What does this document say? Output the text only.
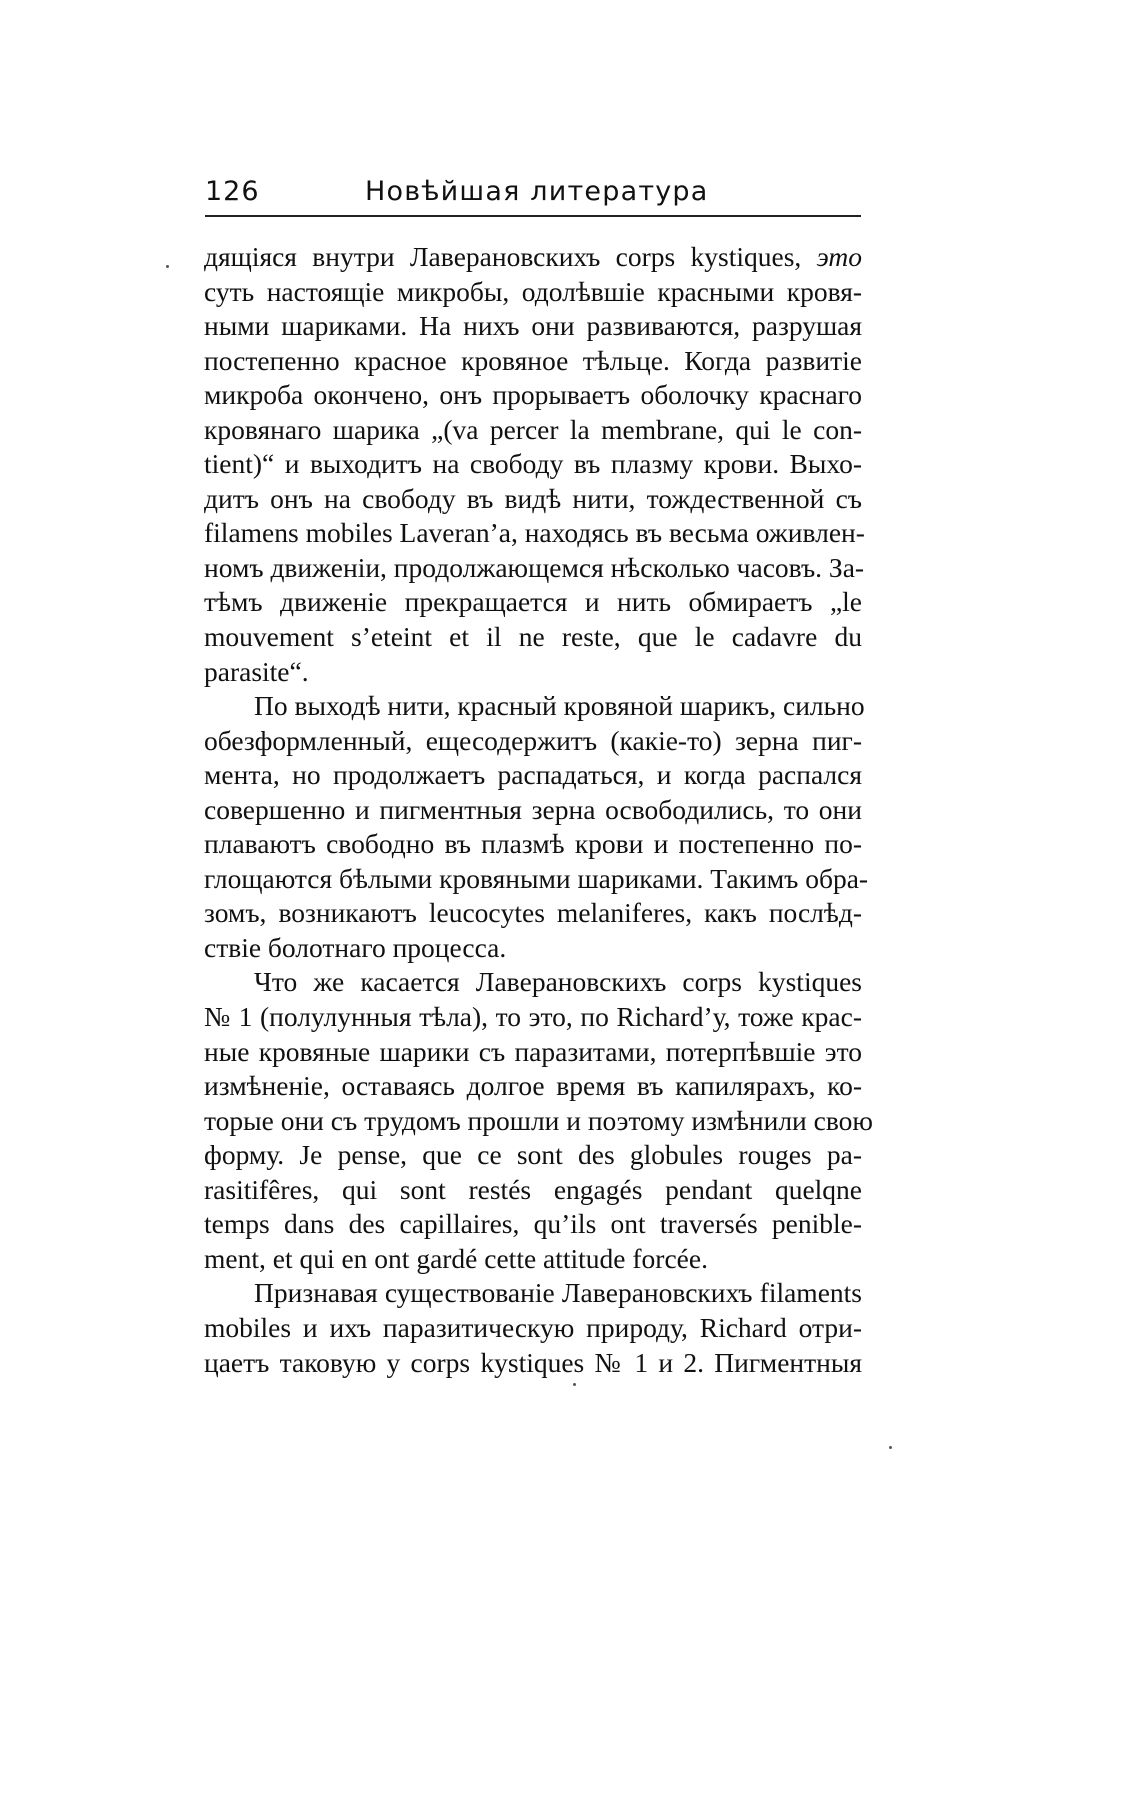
126	Новѣйшая литература
дящіяся внутри Лавeрановскихъ corps kystiques, это
суть настоящіе микробы, одолѣвшіе красными кровя-
ными шариками. На нихъ они развиваются, разрушая
постепенно красное кровяное тѣльце. Когда развитіе
микроба окончено, онъ прорываетъ оболочку краснаго
кровянаго шарика „(va percer la membrane, qui le con-
tient)“ и выходитъ на свободу въ плазму крови. Выхо-
дитъ онъ на свободу въ видѣ нити, тождественной съ
filamens mobiles Laveran’а, находясь въ весьма оживлен-
номъ движеніи, продолжающемся нѣсколько часовъ. За-
тѣмъ движеніе прекращается и нить обмираетъ „le
mouvement s’eteint et il ne reste, que le cadavre du
parasite“.
По выходѣ нити, красный кровяной шарикъ, сильно
обезформленный, ещесодержитъ (какіе-то) зерна пиг-
мента, но продолжаетъ распадаться, и когда распался
совершенно и пигментныя зерна освободились, то они
плаваютъ свободно въ плазмѣ крови и постепенно по-
глощаются бѣлыми кровяными шариками. Такимъ обра-
зомъ, возникаютъ leucocytes melaniferes, какъ послѣд-
ствіе болотнаго процесса.
Что же касается Лавeрановскихъ corps kystiques
№ 1 (полулунныя тѣла), то это, по Richard’у, тоже крас-
ные кровяные шарики съ паразитами, потерпѣвшіе это
измѣненіе, оставаясь долгое время въ капилярахъ, ко-
торые они съ трудомъ прошли и поэтому измѣнили свою
форму. Je pense, que ce sont des globules rouges pa-
rasitifêres, qui sont restés engagés pendant quelqne
temps dans des capillaires, qu’ils ont traversés penible-
ment, et qui en ont gardé cette attitude forcée.
Признавая существованіе Лавeрановскихъ filaments
mobiles и ихъ паразитическую природу, Richard отри-
цаетъ таковую у corps kystiques № 1 и 2. Пигментныя
